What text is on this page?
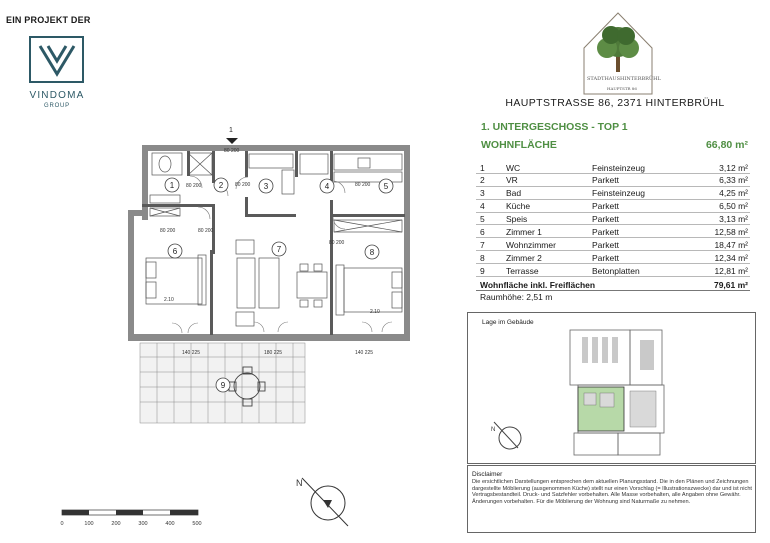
EIN PROJEKT DER
VINDOMA
GROUP
STADTHAUS HINTERBRÜHL
HAUPTSTR 86
HAUPTSTRASSE 86, 2371 HINTERBRÜHL
1. UNTERGESCHOSS - TOP 1
WOHNFLÄCHE	66,80 m²
1	WC	Feinsteinzeug	3,12 m²
2	VR	Parkett	6,33 m²
3	Bad	Feinsteinzeug	4,25 m²
4	Küche	Parkett	6,50 m²
5	Speis	Parkett	3,13 m²
6	Zimmer 1	Parkett	12,58 m²
7	Wohnzimmer	Parkett	18,47 m²
8	Zimmer 2	Parkett	12,34 m²
9	Terrasse	Betonplatten	12,81 m²
Wohnfläche inkl. Freiflächen	79,61 m²
Raumhöhe: 2,51 m
Lage im Gebäude
N
Disclaimer
Die ersichtlichen Darstellungen entsprechen dem aktuellen Planungsstand. Die in den Plänen und Zeichnungen dargestellte Möblierung (ausgenommen Küche) stellt nur einen Vorschlag (= Illustrationszwecke) dar und ist nicht Vertragsbestandteil. Druck- und Satzfehler vorbehalten. Alle Masse vorbehalten, alle Angaben ohne Gewähr. Änderungen vorbehalten. Für die Möblierung der Wohnung sind Naturmaße zu nehmen.
1
1	2	3	4	5
6	7	8
9
80 200	80 200	80 200
80 200
80 200
80 200
80 200
140 225	180 225	140 225
2.10
2.10
0	100	200	300	400	500
N
